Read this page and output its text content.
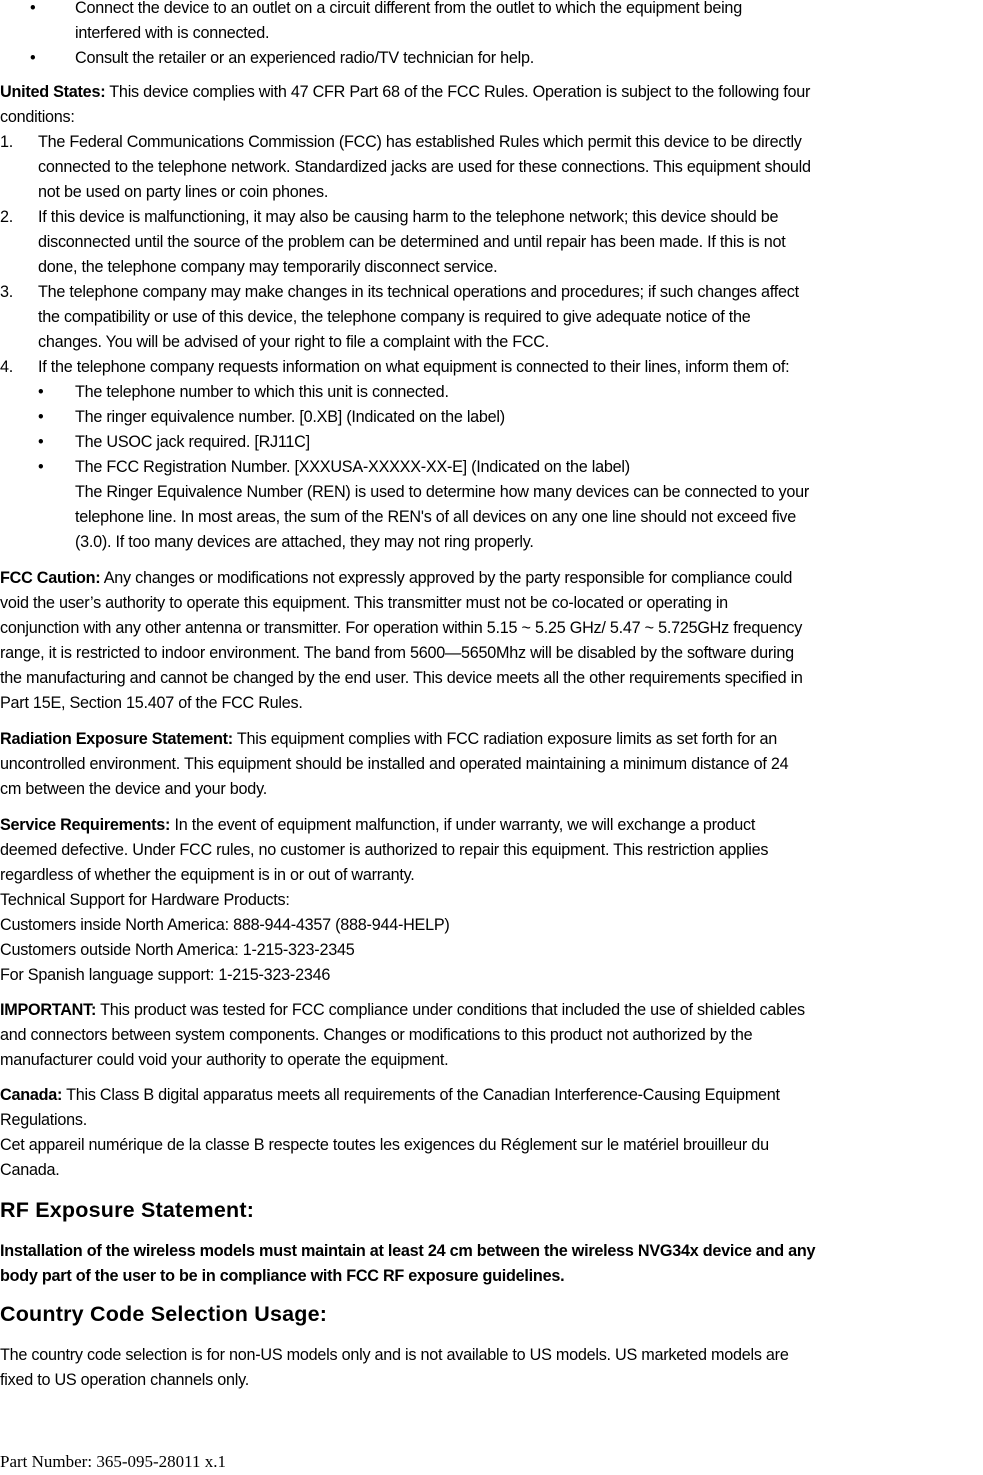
• Connect the device to an outlet on a circuit different from the outlet to which the equipment being
interfered with is connected.
• Consult the retailer or an experienced radio/TV technician for help.
United States: This device complies with 47 CFR Part 68 of the FCC Rules. Operation is subject to the following four
conditions:
1. The Federal Communications Commission (FCC) has established Rules which permit this device to be directly
connected to the telephone network. Standardized jacks are used for these connections. This equipment should
not be used on party lines or coin phones.
2. If this device is malfunctioning, it may also be causing harm to the telephone network; this device should be
disconnected until the source of the problem can be determined and until repair has been made. If this is not
done, the telephone company may temporarily disconnect service.
3. The telephone company may make changes in its technical operations and procedures; if such changes affect
the compatibility or use of this device, the telephone company is required to give adequate notice of the
changes. You will be advised of your right to file a complaint with the FCC.
4. If the telephone company requests information on what equipment is connected to their lines, inform them of:
• The telephone number to which this unit is connected.
• The ringer equivalence number. [0.XB] (Indicated on the label)
• The USOC jack required. [RJ11C]
• The FCC Registration Number. [XXXUSA-XXXXX-XX-E] (Indicated on the label)
The Ringer Equivalence Number (REN) is used to determine how many devices can be connected to your
telephone line. In most areas, the sum of the REN's of all devices on any one line should not exceed five
(3.0). If too many devices are attached, they may not ring properly.
FCC Caution: Any changes or modifications not expressly approved by the party responsible for compliance could
void the user’s authority to operate this equipment. This transmitter must not be co-located or operating in
conjunction with any other antenna or transmitter. For operation within 5.15 ~ 5.25 GHz/ 5.47 ~ 5.725GHz frequency
range, it is restricted to indoor environment. The band from 5600—5650Mhz will be disabled by the software during
the manufacturing and cannot be changed by the end user. This device meets all the other requirements specified in
Part 15E, Section 15.407 of the FCC Rules.
Radiation Exposure Statement: This equipment complies with FCC radiation exposure limits as set forth for an
uncontrolled environment. This equipment should be installed and operated maintaining a minimum distance of 24
cm between the device and your body.
Service Requirements: In the event of equipment malfunction, if under warranty, we will exchange a product
deemed defective. Under FCC rules, no customer is authorized to repair this equipment. This restriction applies
regardless of whether the equipment is in or out of warranty.
Technical Support for Hardware Products:
Customers inside North America: 888-944-4357 (888-944-HELP)
Customers outside North America: 1-215-323-2345
For Spanish language support: 1-215-323-2346
IMPORTANT: This product was tested for FCC compliance under conditions that included the use of shielded cables
and connectors between system components. Changes or modifications to this product not authorized by the
manufacturer could void your authority to operate the equipment.
Canada: This Class B digital apparatus meets all requirements of the Canadian Interference-Causing Equipment
Regulations.
Cet appareil numérique de la classe B respecte toutes les exigences du Réglement sur le matériel brouilleur du
Canada.
RF Exposure Statement:
Installation of the wireless models must maintain at least 24 cm between the wireless NVG34x device and any
body part of the user to be in compliance with FCC RF exposure guidelines.
Country Code Selection Usage:
The country code selection is for non-US models only and is not available to US models. US marketed models are
fixed to US operation channels only.
Part Number: 365-095-28011 x.1
